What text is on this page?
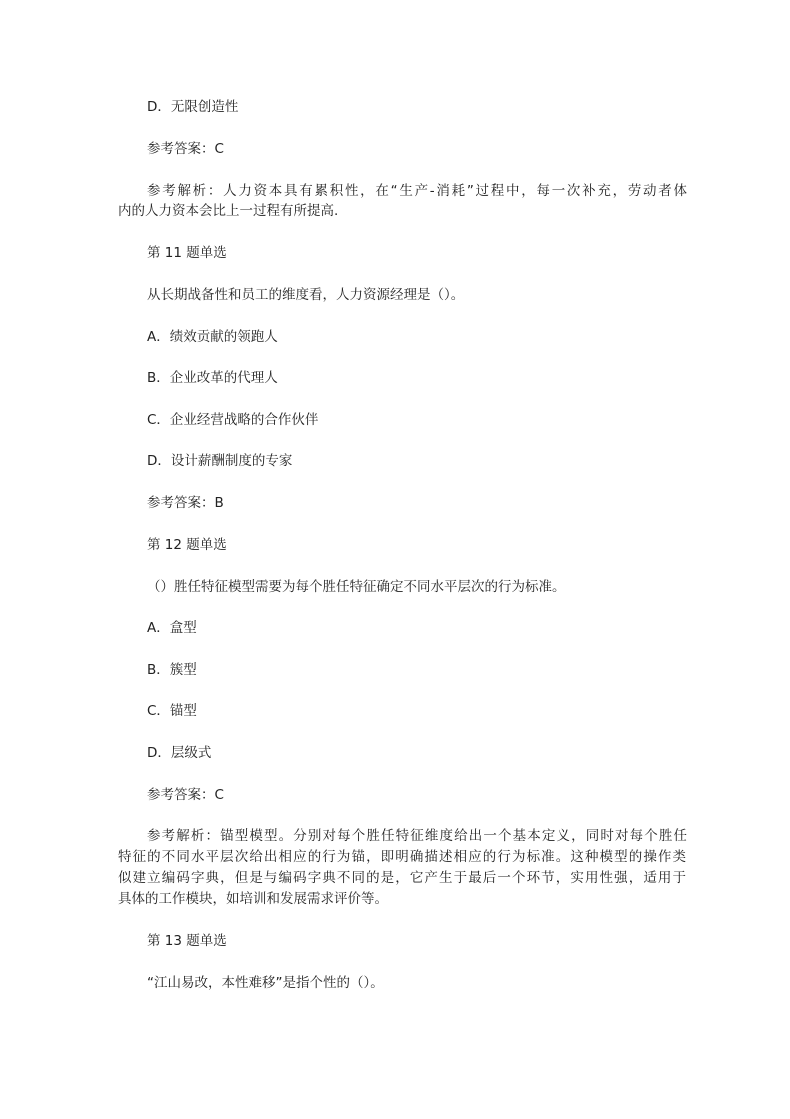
D．无限创造性
参考答案：C
参考解析：人力资本具有累积性，在“生产-消耗”过程中，每一次补充，劳动者体
内的人力资本会比上一过程有所提高.
第 11 题单选
从长期战备性和员工的维度看，人力资源经理是（）。
A．绩效贡献的领跑人
B．企业改革的代理人
C．企业经营战略的合作伙伴
D．设计薪酬制度的专家
参考答案：B
第 12 题单选
（）胜任特征模型需要为每个胜任特征确定不同水平层次的行为标准。
A．盒型
B．簇型
C．锚型
D．层级式
参考答案：C
参考解析：锚型模型。分别对每个胜任特征维度给出一个基本定义，同时对每个胜任
特征的不同水平层次给出相应的行为锚，即明确描述相应的行为标准。这种模型的操作类
似建立编码字典，但是与编码字典不同的是，它产生于最后一个环节，实用性强，适用于
具体的工作模块，如培训和发展需求评价等。
第 13 题单选
“江山易改，本性难移”是指个性的（）。
